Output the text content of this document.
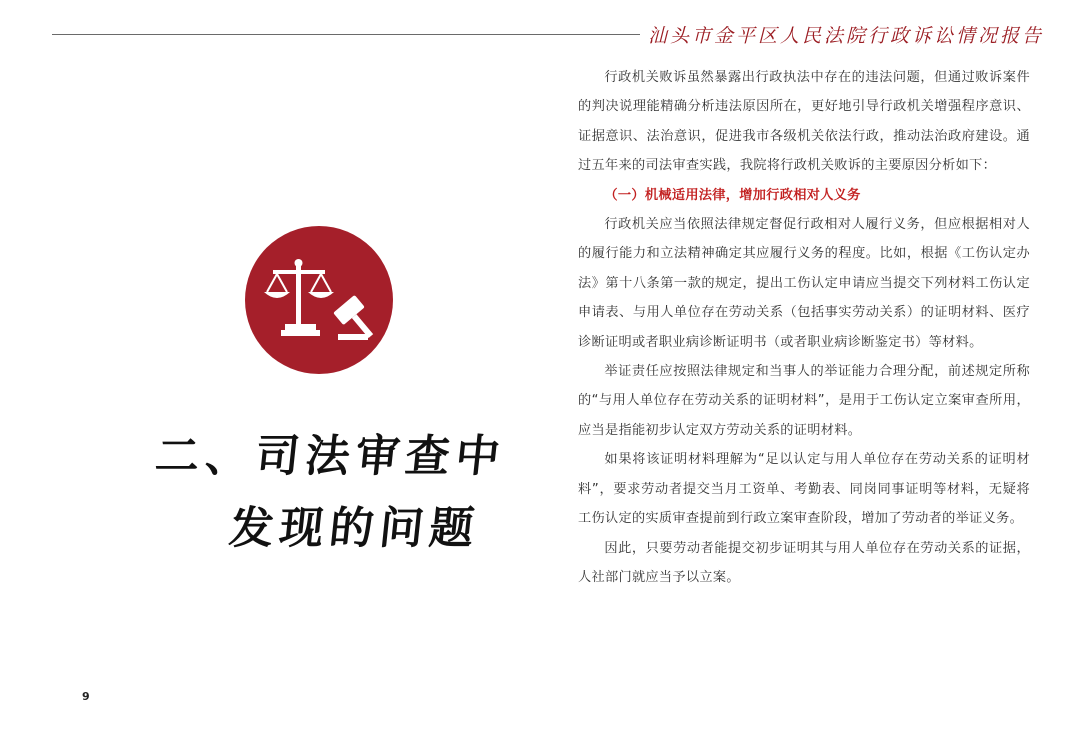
汕头市金平区人民法院行政诉讼情况报告
二、司法审查中
发现的问题
9

行政机关败诉虽然暴露出行政执法中存在的违法问题，但通过败诉案件的判决说理能精确分析违法原因所在，更好地引导行政机关增强程序意识、证据意识、法治意识，促进我市各级机关依法行政，推动法治政府建设。通过五年来的司法审查实践，我院将行政机关败诉的主要原因分析如下：

（一）机械适用法律，增加行政相对人义务

行政机关应当依照法律规定督促行政相对人履行义务，但应根据相对人的履行能力和立法精神确定其应履行义务的程度。比如，根据《工伤认定办法》第十八条第一款的规定，提出工伤认定申请应当提交下列材料工伤认定申请表、与用人单位存在劳动关系（包括事实劳动关系）的证明材料、医疗诊断证明或者职业病诊断证明书（或者职业病诊断鉴定书）等材料。

举证责任应按照法律规定和当事人的举证能力合理分配，前述规定所称的“与用人单位存在劳动关系的证明材料”，是用于工伤认定立案审查所用，应当是指能初步认定双方劳动关系的证明材料。

如果将该证明材料理解为“足以认定与用人单位存在劳动关系的证明材料”，要求劳动者提交当月工资单、考勤表、同岗同事证明等材料，无疑将工伤认定的实质审查提前到行政立案审查阶段，增加了劳动者的举证义务。

因此，只要劳动者能提交初步证明其与用人单位存在劳动关系的证据，人社部门就应当予以立案。
